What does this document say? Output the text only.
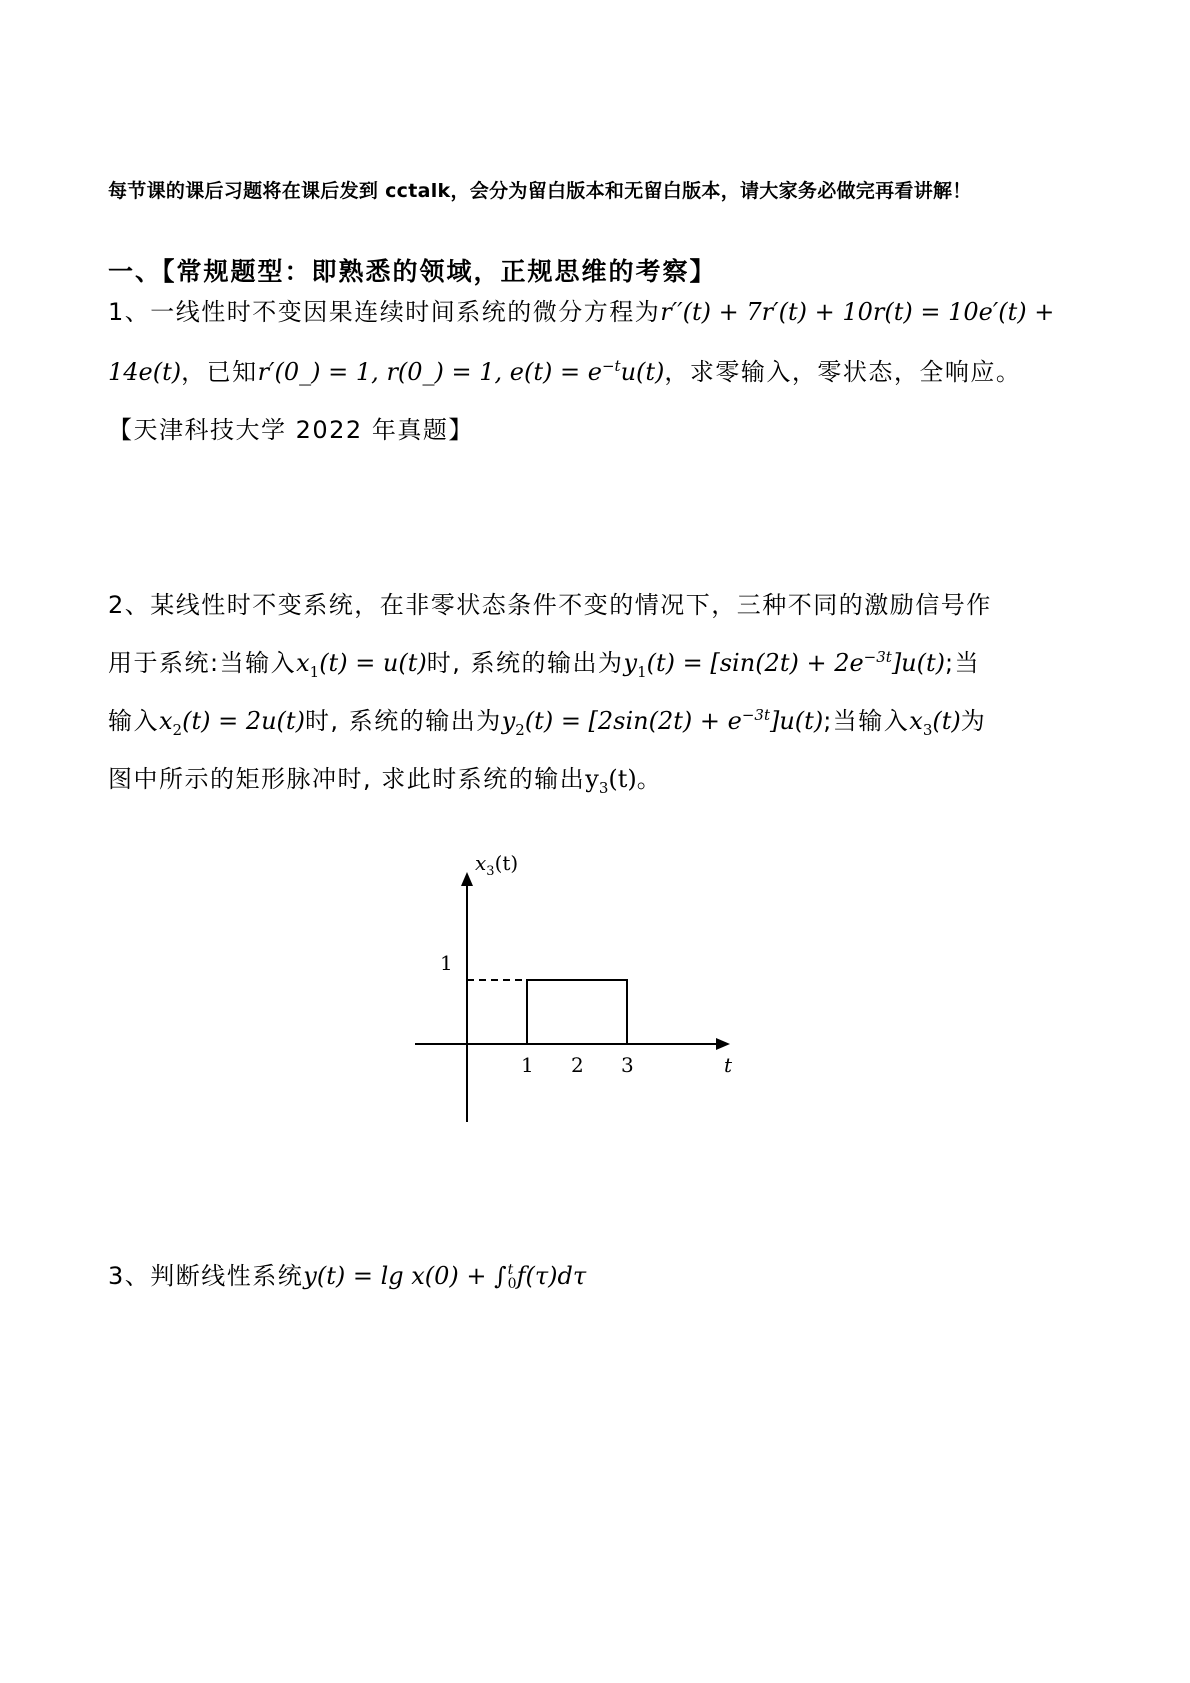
每节课的课后习题将在课后发到 cctalk，会分为留白版本和无留白版本，请大家务必做完再看讲解！
一、【常规题型：即熟悉的领域，正规思维的考察】
1、一线性时不变因果连续时间系统的微分方程为r′′(t) + 7r′(t) + 10r(t) = 10e′(t) +
14e(t)，已知r′(0_) = 1, r(0_) = 1, $e(t) = e^{-t}u(t)$，求零输入，零状态，全响应。
【天津科技大学 2022 年真题】
2、某线性时不变系统，在非零状态条件不变的情况下，三种不同的激励信号作
用于系统:当输入$x_1(t) = u(t)$时, 系统的输出为$y_1(t) = [\sin(2t) + 2e^{-3t}]u(t)$;当
输入$x_2(t) = 2u(t)$时, 系统的输出为$y_2(t) = [2\sin(2t) + e^{-3t}]u(t)$;当输入$x_3(t)$为
图中所示的矩形脉冲时, 求此时系统的输出$y_3(t)$。
$x_3(t)$
1
1 2 3	t
3、判断线性系统y(t) = lg x(0) + ∫ t
0 f(τ)dτ
